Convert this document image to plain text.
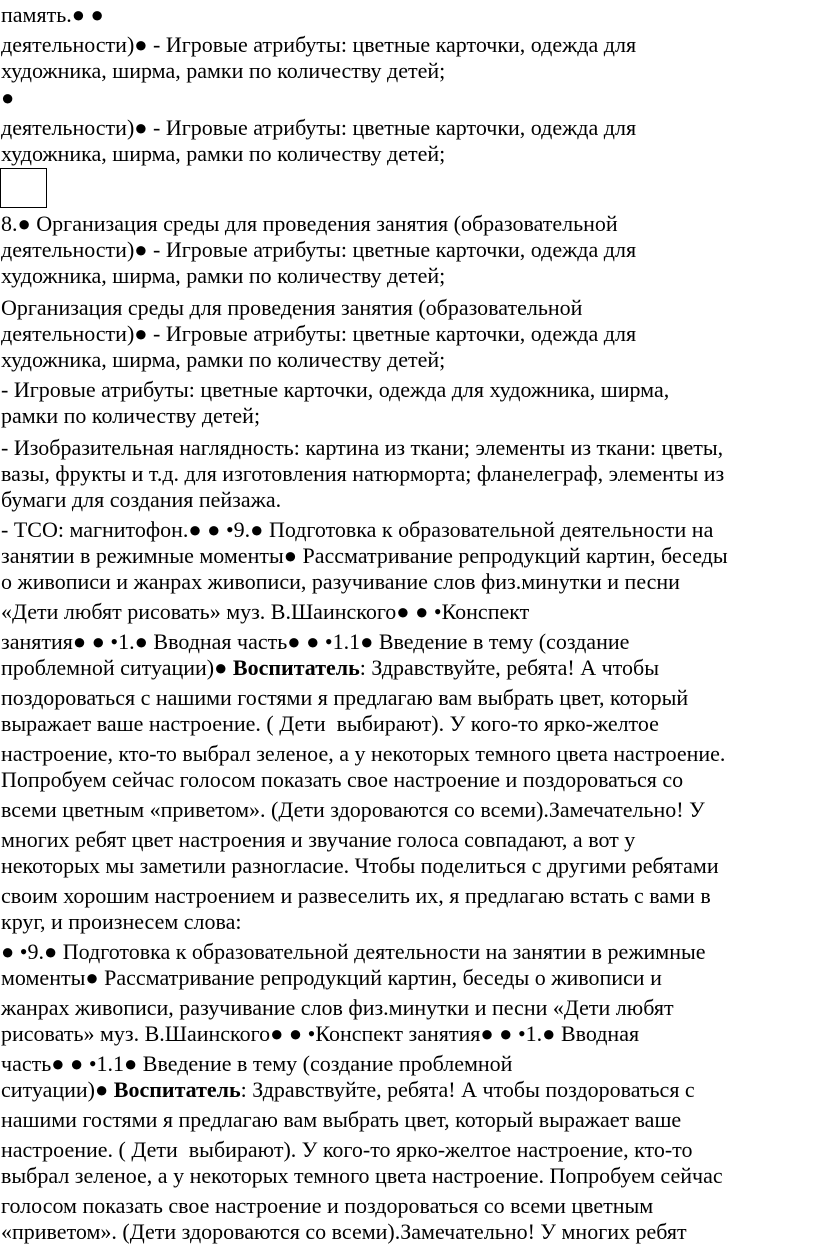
память.● ●
деятельности)● - Игровые атрибуты: цветные карточки, одежда для
художника, ширма, рамки по количеству детей;
●
деятельности)● - Игровые атрибуты: цветные карточки, одежда для
художника, ширма, рамки по количеству детей;
8.● Организация среды для проведения занятия (образовательной
деятельности)● - Игровые атрибуты: цветные карточки, одежда для
художника, ширма, рамки по количеству детей;
Организация среды для проведения занятия (образовательной
деятельности)● - Игровые атрибуты: цветные карточки, одежда для
художника, ширма, рамки по количеству детей;
- Игровые атрибуты: цветные карточки, одежда для художника, ширма,
рамки по количеству детей;
- Изобразительная наглядность: картина из ткани; элементы из ткани: цветы,
вазы, фрукты и т.д. для изготовления натюрморта; фланелеграф, элементы из
бумаги для создания пейзажа.
- ТСО: магнитофон.● ● •9.● Подготовка к образовательной деятельности на
занятии в режимные моменты● Рассматривание репродукций картин, беседы
о живописи и жанрах живописи, разучивание слов физ.минутки и песни
«Дети любят рисовать» муз. В.Шаинского● ● •Конспект
занятия● ● •1.● Вводная часть● ● •1.1● Введение в тему (создание
проблемной ситуации)● Воспитатель: Здравствуйте, ребята! А чтобы
поздороваться с нашими гостями я предлагаю вам выбрать цвет, который
выражает ваше настроение. ( Дети  выбирают). У кого-то ярко-желтое
настроение, кто-то выбрал зеленое, а у некоторых темного цвета настроение.
Попробуем сейчас голосом показать свое настроение и поздороваться со
всеми цветным «приветом». (Дети здороваются со всеми).Замечательно! У
многих ребят цвет настроения и звучание голоса совпадают, а вот у
некоторых мы заметили разногласие. Чтобы поделиться с другими ребятами
своим хорошим настроением и развеселить их, я предлагаю встать с вами в
круг, и произнесем слова:
● •9.● Подготовка к образовательной деятельности на занятии в режимные
моменты● Рассматривание репродукций картин, беседы о живописи и
жанрах живописи, разучивание слов физ.минутки и песни «Дети любят
рисовать» муз. В.Шаинского● ● •Конспект занятия● ● •1.● Вводная
часть● ● •1.1● Введение в тему (создание проблемной
ситуации)● Воспитатель: Здравствуйте, ребята! А чтобы поздороваться с
нашими гостями я предлагаю вам выбрать цвет, который выражает ваше
настроение. ( Дети  выбирают). У кого-то ярко-желтое настроение, кто-то
выбрал зеленое, а у некоторых темного цвета настроение. Попробуем сейчас
голосом показать свое настроение и поздороваться со всеми цветным
«приветом». (Дети здороваются со всеми).Замечательно! У многих ребят
